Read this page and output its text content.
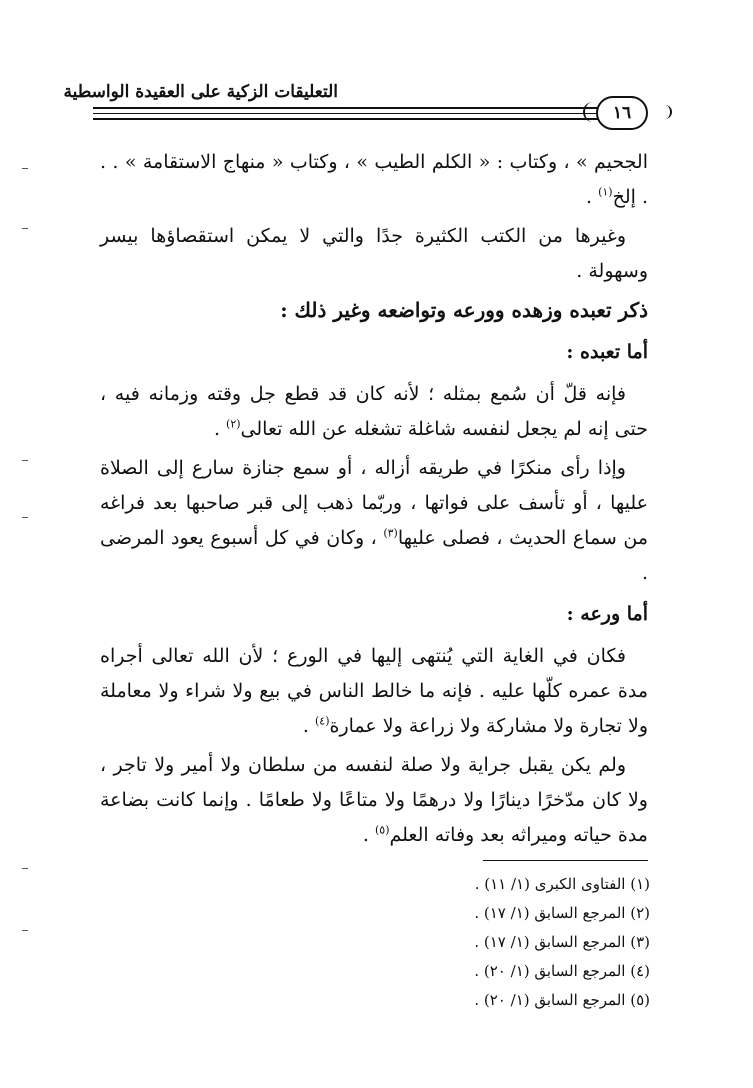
التعليقات الزكية على العقيدة الواسطية
١٦

الجحيم » ، وكتاب : « الكلم الطيب » ، وكتاب « منهاج الاستقامة » . . . إلخ$^{(١)}$ .

وغيرها من الكتب الكثيرة جدًا والتي لا يمكن استقصاؤها بيسر وسهولة .

ذكر تعبده وزهده وورعه وتواضعه وغير ذلك :
أما تعبده :

فإنه قلّ أن سُمع بمثله ؛ لأنه كان قد قطع جل وقته وزمانه فيه ، حتى إنه لم يجعل لنفسه شاغلة تشغله عن الله تعالى$^{(٢)}$ .

وإذا رأى منكرًا في طريقه أزاله ، أو سمع جنازة سارع إلى الصلاة عليها ، أو تأسف على فواتها ، وربّما ذهب إلى قبر صاحبها بعد فراغه من سماع الحديث ، فصلى عليها$^{(٣)}$ ، وكان في كل أسبوع يعود المرضى .

أما ورعه :

فكان في الغاية التي يُنتهى إليها في الورع ؛ لأن الله تعالى أجراه مدة عمره كلّها عليه . فإنه ما خالط الناس في بيع ولا شراء ولا معاملة ولا تجارة ولا مشاركة ولا زراعة ولا عمارة$^{(٤)}$ .

ولم يكن يقبل جراية ولا صلة لنفسه من سلطان ولا أمير ولا تاجر ، ولا كان مدّخرًا دينارًا ولا درهمًا ولا متاعًا ولا طعامًا . وإنما كانت بضاعة مدة حياته وميراثه بعد وفاته العلم$^{(٥)}$ .

(١) الفتاوى الكبرى (١/ ١١) .
(٢) المرجع السابق (١/ ١٧) .
(٣) المرجع السابق (١/ ١٧) .
(٤) المرجع السابق (١/ ٢٠) .
(٥) المرجع السابق (١/ ٢٠) .
